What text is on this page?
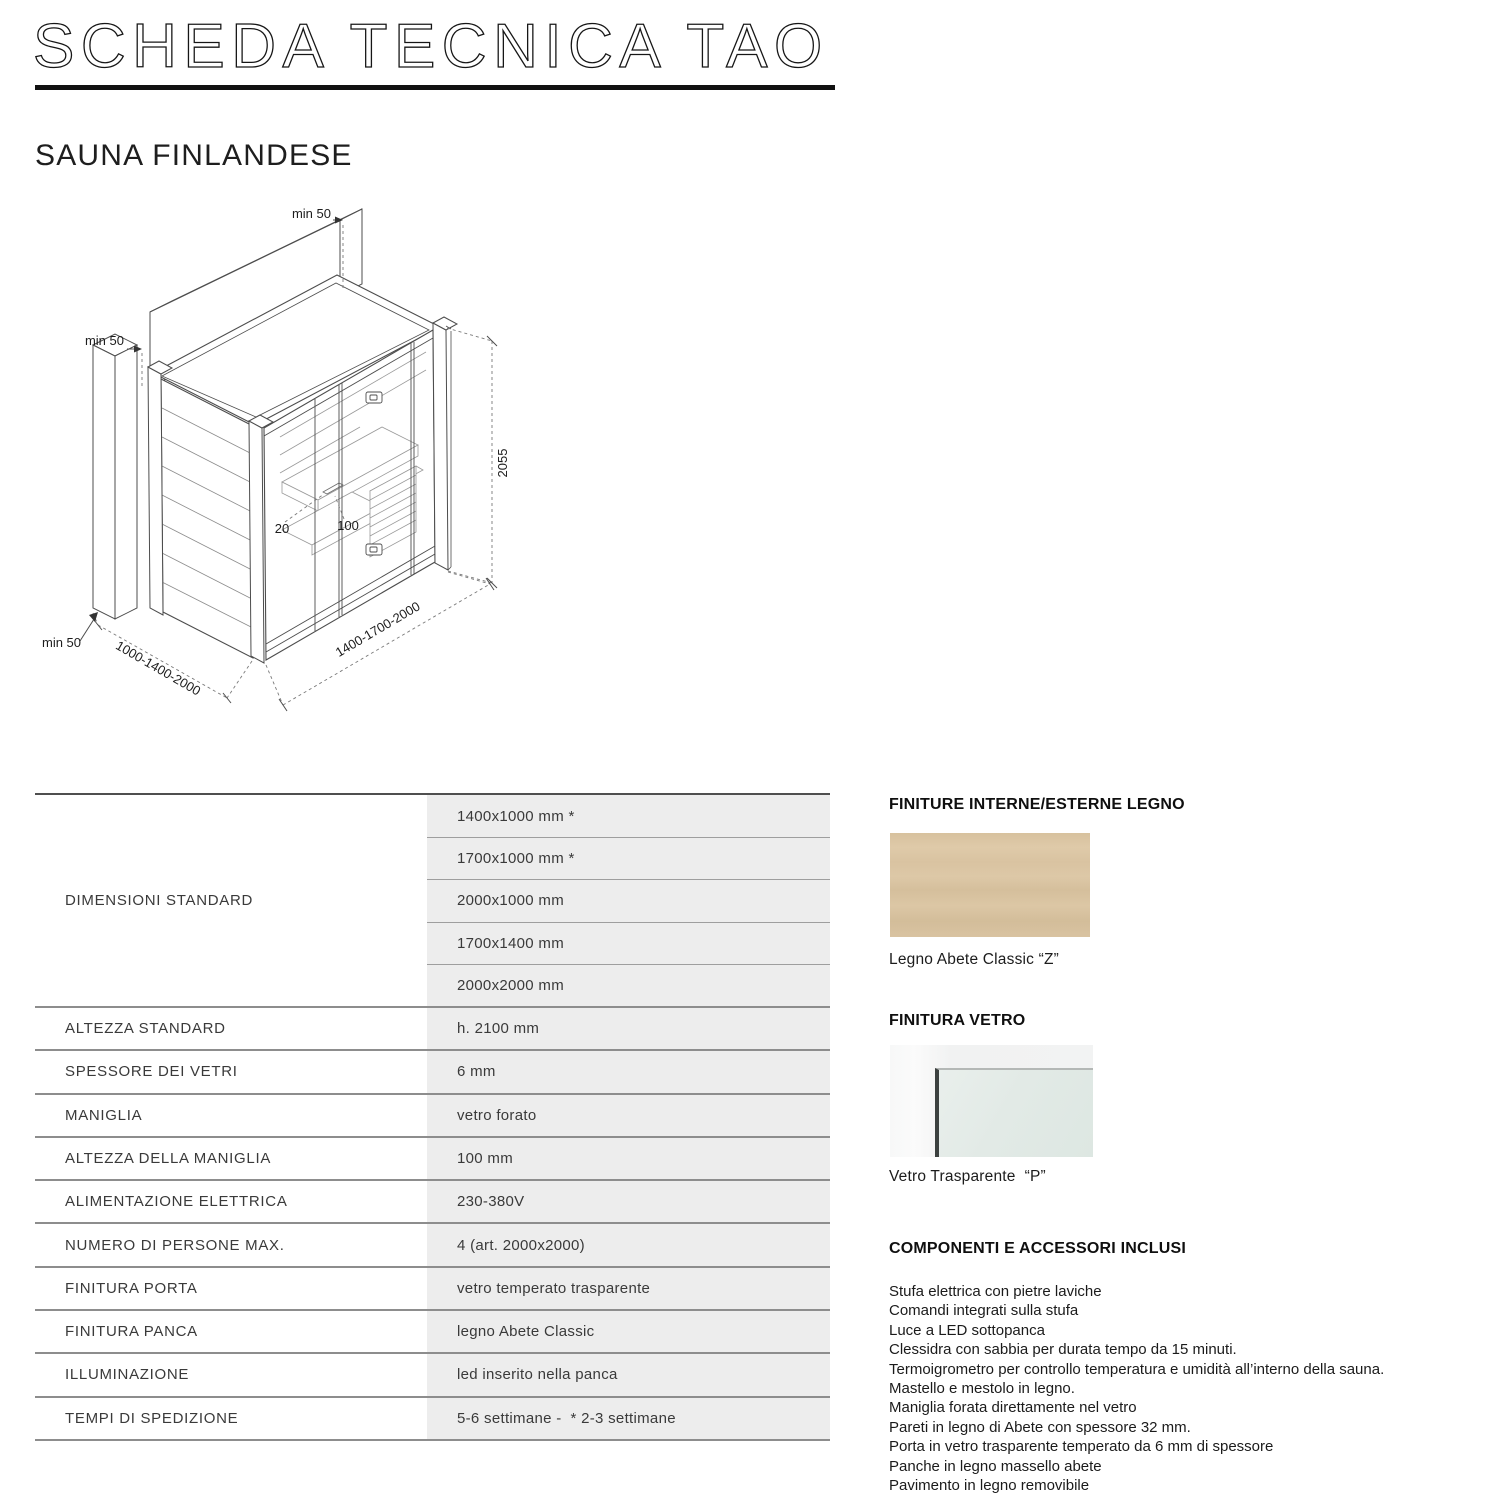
SCHEDA TECNICA TAO
SAUNA FINLANDESE
min 50
min 50
min 50
2055
1000-1400-2000
1400-1700-2000
20	100
DIMENSIONI STANDARD
1400x1000 mm *
1700x1000 mm *
2000x1000 mm
1700x1400 mm
2000x2000 mm
ALTEZZA STANDARD	h. 2100 mm
SPESSORE DEI VETRI	6 mm
MANIGLIA	vetro forato
ALTEZZA DELLA MANIGLIA	100 mm
ALIMENTAZIONE ELETTRICA	230-380V
NUMERO DI PERSONE MAX.	4 (art. 2000x2000)
FINITURA PORTA	vetro temperato trasparente
FINITURA PANCA	legno Abete Classic
ILLUMINAZIONE	led inserito nella panca
TEMPI DI SPEDIZIONE	5-6 settimane -  * 2-3 settimane
FINITURE INTERNE/ESTERNE LEGNO
Legno Abete Classic “Z”
FINITURA VETRO
Vetro Trasparente  “P”
COMPONENTI E ACCESSORI INCLUSI

Stufa elettrica con pietre laviche

Comandi integrati sulla stufa

Luce a LED sottopanca

Clessidra con sabbia per durata tempo da 15 minuti.

Termoigrometro per controllo temperatura e umidità all’interno della sauna.

Mastello e mestolo in legno.

Maniglia forata direttamente nel vetro

Pareti in legno di Abete con spessore 32 mm.

Porta in vetro trasparente temperato da 6 mm di spessore

Panche in legno massello abete

Pavimento in legno removibile
